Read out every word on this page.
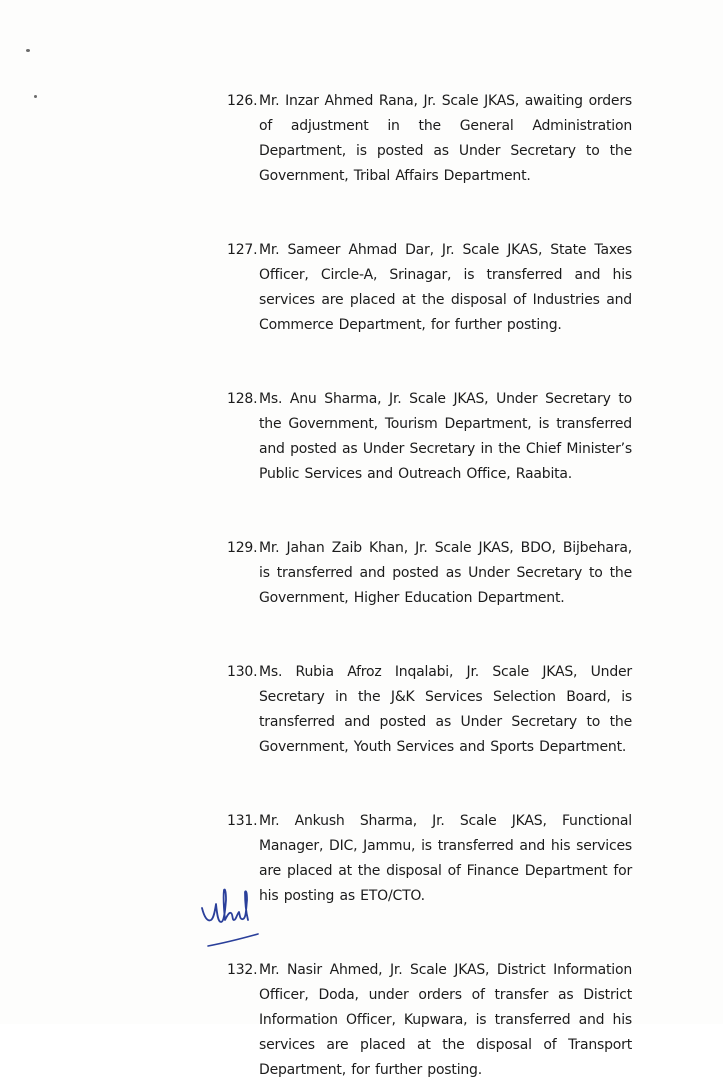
126. Mr. Inzar Ahmed Rana, Jr. Scale JKAS, awaiting orders of adjustment in the General Administration Department, is posted as Under Secretary to the Government, Tribal Affairs Department.
127. Mr. Sameer Ahmad Dar, Jr. Scale JKAS, State Taxes Officer, Circle-A, Srinagar, is transferred and his services are placed at the disposal of Industries and Commerce Department, for further posting.
128. Ms. Anu Sharma, Jr. Scale JKAS, Under Secretary to the Government, Tourism Department, is transferred and posted as Under Secretary in the Chief Minister’s Public Services and Outreach Office, Raabita.
129. Mr. Jahan Zaib Khan, Jr. Scale JKAS, BDO, Bijbehara, is transferred and posted as Under Secretary to the Government, Higher Education Department.
130. Ms. Rubia Afroz Inqalabi, Jr. Scale JKAS, Under Secretary in the J&K Services Selection Board, is transferred and posted as Under Secretary to the Government, Youth Services and Sports Department.
131. Mr. Ankush Sharma, Jr. Scale JKAS, Functional Manager, DIC, Jammu, is transferred and his services are placed at the disposal of Finance Department for his posting as ETO/CTO.
132. Mr. Nasir Ahmed, Jr. Scale JKAS, District Information Officer, Doda, under orders of transfer as District Information Officer, Kupwara, is transferred and his services are placed at the disposal of Transport Department, for further posting.
